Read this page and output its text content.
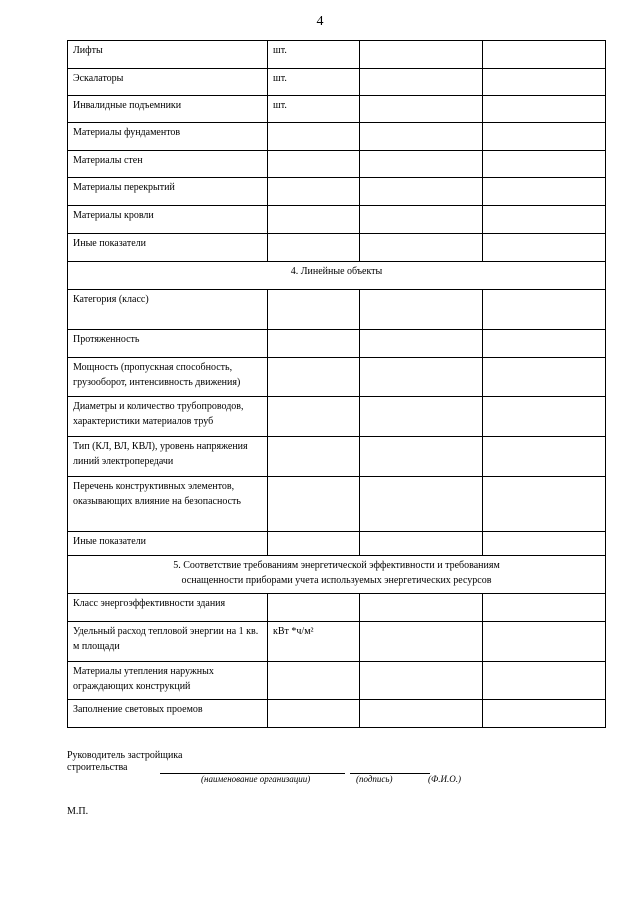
4
Лифты	шт.		
Эскалаторы	шт.		
Инвалидные подъемники	шт.		
Материалы фундаментов			
Материалы стен			
Материалы перекрытий			
Материалы кровли			
Иные показатели			
4. Линейные объекты			
Категория (класс)			
Протяженность			
Мощность (пропускная способность, грузооборот, интенсивность движения)			
Диаметры и количество трубопроводов, характеристики материалов труб			
Тип (КЛ, ВЛ, КВЛ), уровень напряжения линий электропередачи			
Перечень конструктивных элементов, оказывающих влияние на безопасность			
Иные показатели			

5. Соответствие требованиям энергетической эффективности и требованиям
оснащенности приборами учета используемых энергетических ресурсов			

Класс энергоэффективности здания			
Удельный расход тепловой энергии на 1 кв. м площади	кВт *ч/м²		
Материалы утепления наружных ограждающих конструкций			
Заполнение световых проемов			
Руководитель застройщика
строительства
(наименование организации)	(подпись)	(Ф.И.О.)
М.П.
